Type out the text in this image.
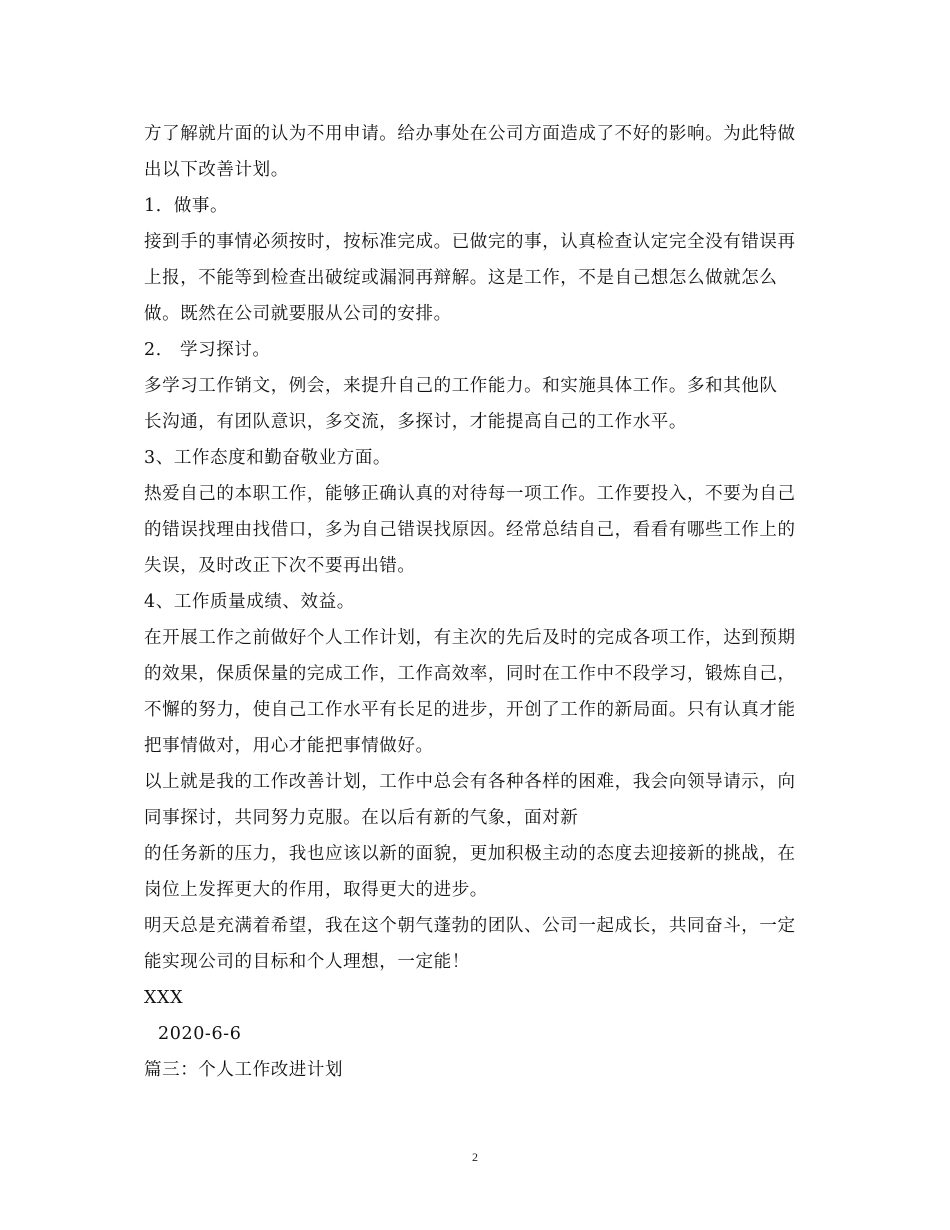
方了解就片面的认为不用申请。给办事处在公司方面造成了不好的影响。为此特做
出以下改善计划。
1．做事。
接到手的事情必须按时，按标准完成。已做完的事，认真检查认定完全没有错误再
上报，不能等到检查出破绽或漏洞再辩解。这是工作，不是自己想怎么做就怎么
做。既然在公司就要服从公司的安排。
2． 学习探讨。
多学习工作销文，例会，来提升自己的工作能力。和实施具体工作。多和其他队
长沟通，有团队意识，多交流，多探讨，才能提高自己的工作水平。
3、工作态度和勤奋敬业方面。
热爱自己的本职工作，能够正确认真的对待每一项工作。工作要投入，不要为自己
的错误找理由找借口，多为自己错误找原因。经常总结自己，看看有哪些工作上的
失误，及时改正下次不要再出错。
4、工作质量成绩、效益。
在开展工作之前做好个人工作计划，有主次的先后及时的完成各项工作，达到预期
的效果，保质保量的完成工作，工作高效率，同时在工作中不段学习，锻炼自己，
不懈的努力，使自己工作水平有长足的进步，开创了工作的新局面。只有认真才能
把事情做对，用心才能把事情做好。
以上就是我的工作改善计划，工作中总会有各种各样的困难，我会向领导请示，向
同事探讨，共同努力克服。在以后有新的气象，面对新
的任务新的压力，我也应该以新的面貌，更加积极主动的态度去迎接新的挑战，在
岗位上发挥更大的作用，取得更大的进步。
明天总是充满着希望，我在这个朝气蓬勃的团队、公司一起成长，共同奋斗，一定
能实现公司的目标和个人理想，一定能！
XXX
2020-6-6
篇三：个人工作改进计划
2
